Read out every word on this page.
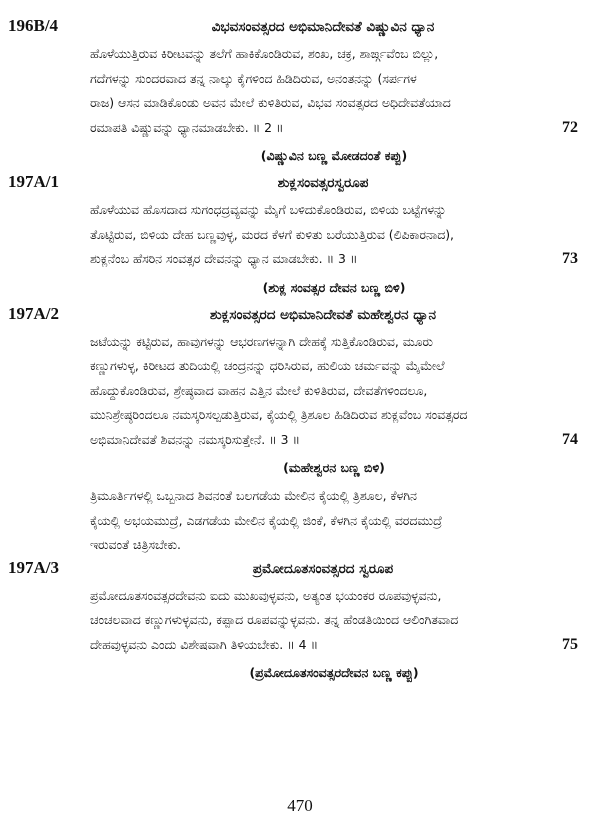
196B/4	ವಿಭವಸಂವತ್ಸರದ ಅಭಿಮಾನಿದೇವತೆ ವಿಷ್ಣುವಿನ ಧ್ಯಾನ
ಹೊಳೆಯುತ್ತಿರುವ ಕಿರೀಟವನ್ನು ತಲೆಗೆ ಹಾಕಿಕೊಂಡಿರುವ, ಶಂಖ, ಚಕ್ರ, ಶಾರ್ಙ್ಗವೆಂಬ ಬಿಲ್ಲು,
ಗದೆಗಳನ್ನು ಸುಂದರವಾದ ತನ್ನ ನಾಲ್ಕು ಕೈಗಳಿಂದ ಹಿಡಿದಿರುವ, ಅನಂತನನ್ನು (ಸರ್ಪಗಳ
ರಾಜ) ಆಸನ ಮಾಡಿಕೊಂಡು ಅವನ ಮೇಲೆ ಕುಳಿತಿರುವ, ವಿಭವ ಸಂವತ್ಸರದ ಅಧಿದೇವತೆಯಾದ
ರಮಾಪತಿ ವಿಷ್ಣುವನ್ನು ಧ್ಯಾನಮಾಡಬೇಕು. ॥ 2 ॥	72
(ವಿಷ್ಣುವಿನ ಬಣ್ಣ ಮೋಡದಂತೆ ಕಪ್ಪು)
197A/1	ಶುಕ್ಲಸಂವತ್ಸರಸ್ವರೂಪ
ಹೊಳೆಯುವ ಹೊಸದಾದ ಸುಗಂಧದ್ರವ್ಯವನ್ನು ಮೈಗೆ ಬಳಿದುಕೊಂಡಿರುವ, ಬಿಳಿಯ ಬಟ್ಟೆಗಳನ್ನು
ತೊಟ್ಟಿರುವ, ಬಿಳಿಯ ದೇಹ ಬಣ್ಣವುಳ್ಳ, ಮರದ ಕೆಳಗೆ ಕುಳಿತು ಬರೆಯುತ್ತಿರುವ (ಲಿಪಿಕಾರನಾದ),
ಶುಕ್ಲನೆಂಬ ಹೆಸರಿನ ಸಂವತ್ಸರ ದೇವನನ್ನು ಧ್ಯಾನ ಮಾಡಬೇಕು. ॥ 3 ॥	73
(ಶುಕ್ಲ ಸಂವತ್ಸರ ದೇವನ ಬಣ್ಣ ಬಿಳಿ)
197A/2	ಶುಕ್ಲಸಂವತ್ಸರದ ಅಭಿಮಾನಿದೇವತೆ ಮಹೇಶ್ವರನ ಧ್ಯಾನ
ಜಟೆಯನ್ನು ಕಟ್ಟಿರುವ, ಹಾವುಗಳನ್ನು ಆಭರಣಗಳನ್ನಾಗಿ ದೇಹಕ್ಕೆ ಸುತ್ತಿಕೊಂಡಿರುವ, ಮೂರು
ಕಣ್ಣುಗಳುಳ್ಳ, ಕಿರೀಟದ ತುದಿಯಲ್ಲಿ ಚಂದ್ರನನ್ನು ಧರಿಸಿರುವ, ಹುಲಿಯ ಚರ್ಮವನ್ನು ಮೈಮೇಲೆ
ಹೊದ್ದುಕೊಂಡಿರುವ, ಶ್ರೇಷ್ಠವಾದ ವಾಹನ ಎತ್ತಿನ ಮೇಲೆ ಕುಳಿತಿರುವ, ದೇವತೆಗಳಿಂದಲೂ,
ಮುನಿಶ್ರೇಷ್ಠರಿಂದಲೂ ನಮಸ್ಕರಿಸಲ್ಪಡುತ್ತಿರುವ, ಕೈಯಲ್ಲಿ ತ್ರಿಶೂಲ ಹಿಡಿದಿರುವ ಶುಕ್ಲವೆಂಬ ಸಂವತ್ಸರದ
ಅಭಿಮಾನಿದೇವತೆ ಶಿವನನ್ನು ನಮಸ್ಕರಿಸುತ್ತೇನೆ. ॥ 3 ॥	74
(ಮಹೇಶ್ವರನ ಬಣ್ಣ ಬಿಳಿ)
ತ್ರಿಮೂರ್ತಿಗಳಲ್ಲಿ ಒಬ್ಬನಾದ ಶಿವನಂತೆ ಬಲಗಡೆಯ ಮೇಲಿನ ಕೈಯಲ್ಲಿ ತ್ರಿಶೂಲ, ಕೆಳಗಿನ
ಕೈಯಲ್ಲಿ ಅಭಯಮುದ್ರೆ, ಎಡಗಡೆಯ ಮೇಲಿನ ಕೈಯಲ್ಲಿ ಜಿಂಕೆ, ಕೆಳಗಿನ ಕೈಯಲ್ಲಿ ವರದಮುದ್ರೆ
ಇರುವಂತೆ ಚಿತ್ರಿಸಬೇಕು.
197A/3	ಪ್ರಮೋದೂತಸಂವತ್ಸರದ ಸ್ವರೂಪ
ಪ್ರಮೋದೂತಸಂವತ್ಸರದೇವನು ಐದು ಮುಖವುಳ್ಳವನು, ಅತ್ಯಂತ ಭಯಂಕರ ರೂಪವುಳ್ಳವನು,
ಚಂಚಲವಾದ ಕಣ್ಣುಗಳುಳ್ಳವನು, ಕಪ್ಪಾದ ರೂಪವನ್ನುಳ್ಳವನು. ತನ್ನ ಹೆಂಡತಿಯಿಂದ ಆಲಿಂಗಿತವಾದ
ದೇಹವುಳ್ಳವನು ಎಂದು ವಿಶೇಷವಾಗಿ ತಿಳಿಯಬೇಕು. ॥ 4 ॥	75
(ಪ್ರಮೋದೂತಸಂವತ್ಸರದೇವನ ಬಣ್ಣ ಕಪ್ಪು)
470
